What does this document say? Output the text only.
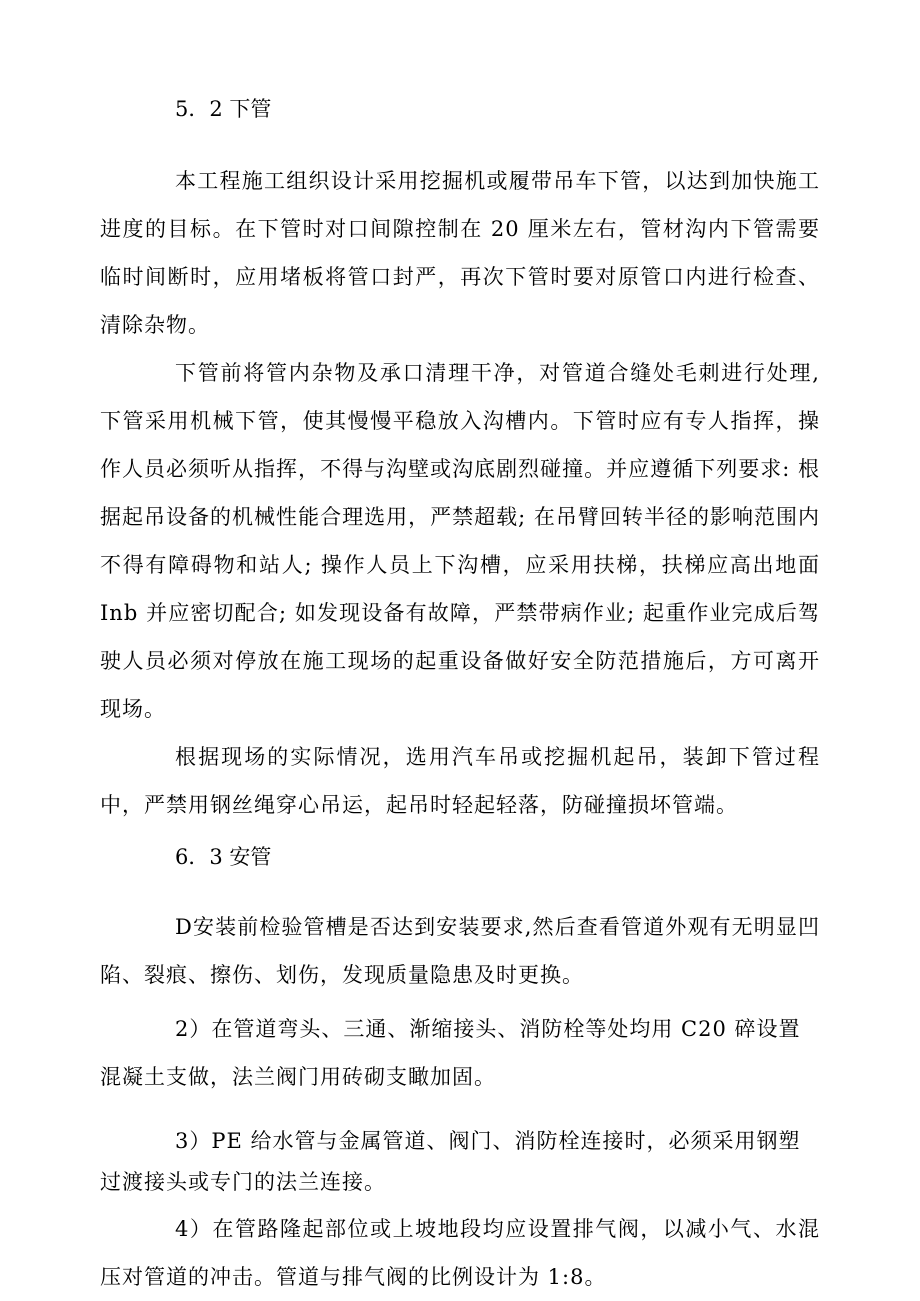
5．2 下管

本工程施工组织设计采用挖掘机或履带吊车下管，以达到加快施工进度的目标。在下管时对口间隙控制在 20 厘米左右，管材沟内下管需要临时间断时，应用堵板将管口封严，再次下管时要对原管口内进行检查、清除杂物。

下管前将管内杂物及承口清理干净，对管道合缝处毛刺进行处理, 下管采用机械下管，使其慢慢平稳放入沟槽内。下管时应有专人指挥，操作人员必须听从指挥，不得与沟壁或沟底剧烈碰撞。并应遵循下列要求: 根据起吊设备的机械性能合理选用，严禁超载; 在吊臂回转半径的影响范围内不得有障碍物和站人; 操作人员上下沟槽，应采用扶梯，扶梯应高出地面 Inb 并应密切配合; 如发现设备有故障，严禁带病作业; 起重作业完成后驾驶人员必须对停放在施工现场的起重设备做好安全防范措施后，方可离开现场。

根据现场的实际情况，选用汽车吊或挖掘机起吊，装卸下管过程中，严禁用钢丝绳穿心吊运，起吊时轻起轻落，防碰撞损坏管端。

6．3 安管

D安装前检验管槽是否达到安装要求,然后查看管道外观有无明显凹陷、裂痕、擦伤、划伤，发现质量隐患及时更换。

2）在管道弯头、三通、渐缩接头、消防栓等处均用 C20 碎设置

混凝土支做，法兰阀门用砖砌支瞰加固。

3）PE 给水管与金属管道、阀门、消防栓连接时，必须采用钢塑

过渡接头或专门的法兰连接。

4）在管路隆起部位或上坡地段均应设置排气阀，以减小气、水混压对管道的冲击。管道与排气阀的比例设计为 1:8。
